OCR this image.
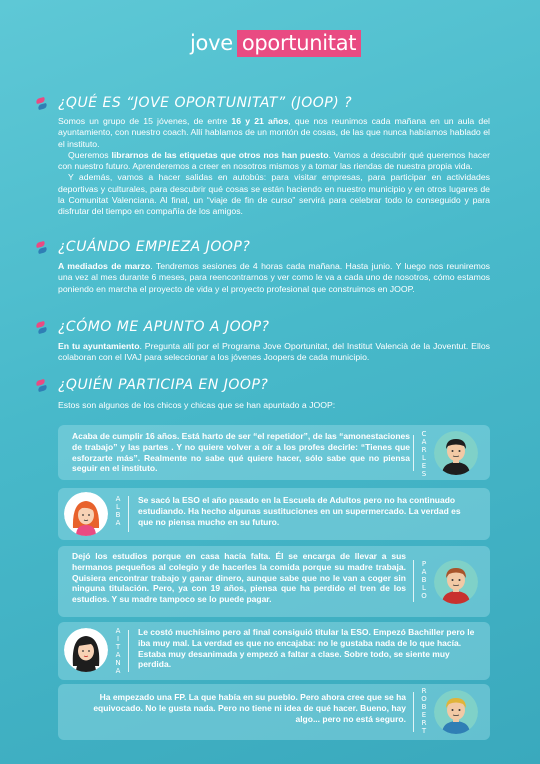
jove oportunitat
¿QUÉ ES “JOVE OPORTUNITAT” (JOOP) ?

Somos un grupo de 15 jóvenes, de entre 16 y 21 años, que nos reunimos cada mañana en un aula del ayuntamiento, con nuestro coach. Allí hablamos de un montón de cosas, de las que nunca habíamos hablado el el instituto.

Queremos librarnos de las etiquetas que otros nos han puesto. Vamos a descubrir qué queremos hacer con nuestro futuro. Aprenderemos a creer en nosotros mismos y a tomar las riendas de nuestra propia vida.

Y además, vamos a hacer salidas en autobús: para visitar empresas, para participar en actividades deportivas y culturales, para descubrir qué cosas se están haciendo en nuestro municipio y en otros lugares de la Comunitat Valenciana. Al final, un “viaje de fin de curso” servirá para celebrar todo lo conseguido y para disfrutar del tiempo en compañía de los amigos.

¿CUÁNDO EMPIEZA JOOP?

A mediados de marzo. Tendremos sesiones de 4 horas cada mañana. Hasta junio. Y luego nos reuniremos una vez al mes durante 6 meses, para reencontrarnos y ver como le va a cada uno de nosotros, cómo estamos poniendo en marcha el proyecto de vida y el proyecto profesional que construimos en JOOP.

¿CÓMO ME APUNTO A JOOP?

En tu ayuntamiento. Pregunta allí por el Programa Jove Oportunitat, del Institut Valencià de la Joventut. Ellos colaboran con el IVAJ para seleccionar a los jóvenes Joopers de cada municipio.

¿QUIÉN PARTICIPA EN JOOP?

Estos son algunos de los chicos y chicas que se han apuntado a JOOP:

Acaba de cumplir 16 años. Está harto de ser “el repetidor”, de las “amonestaciones de trabajo” y las partes . Y no quiere volver a oír a los profes decirle: “Tienes que esforzarte más”. Realmente no sabe qué quiere hacer, sólo sabe que no piensa seguir en el instituto.
C
A
R
L
E
S
A
L
B
A
Se sacó la ESO el año pasado en la Escuela de Adultos pero no ha continuado estudiando. Ha hecho algunas sustituciones en un supermercado. La verdad es que no piensa mucho en su futuro.
Dejó los estudios porque en casa hacía falta. Él se encarga de llevar a sus hermanos pequeños al colegio y de hacerles la comida porque su madre trabaja. Quisiera encontrar trabajo y ganar dinero, aunque sabe que no le van a coger sin ninguna titulación. Pero, ya con 19 años, piensa que ha perdido el tren de los estudios. Y su madre tampoco se lo puede pagar.
P
A
B
L
O
A
I
T
A
N
A
Le costó muchísimo pero al final consiguió titular la ESO. Empezó Bachiller pero le iba muy mal. La verdad es que no encajaba: no le gustaba nada de lo que hacía. Estaba muy desanimada y empezó a faltar a clase. Sobre todo, se siente muy perdida.
Ha empezado una FP. La que había en su pueblo. Pero ahora cree que se ha equivocado. No le gusta nada. Pero no tiene ni idea de qué hacer. Bueno, hay algo... pero no está seguro.
R
O
B
E
R
T
